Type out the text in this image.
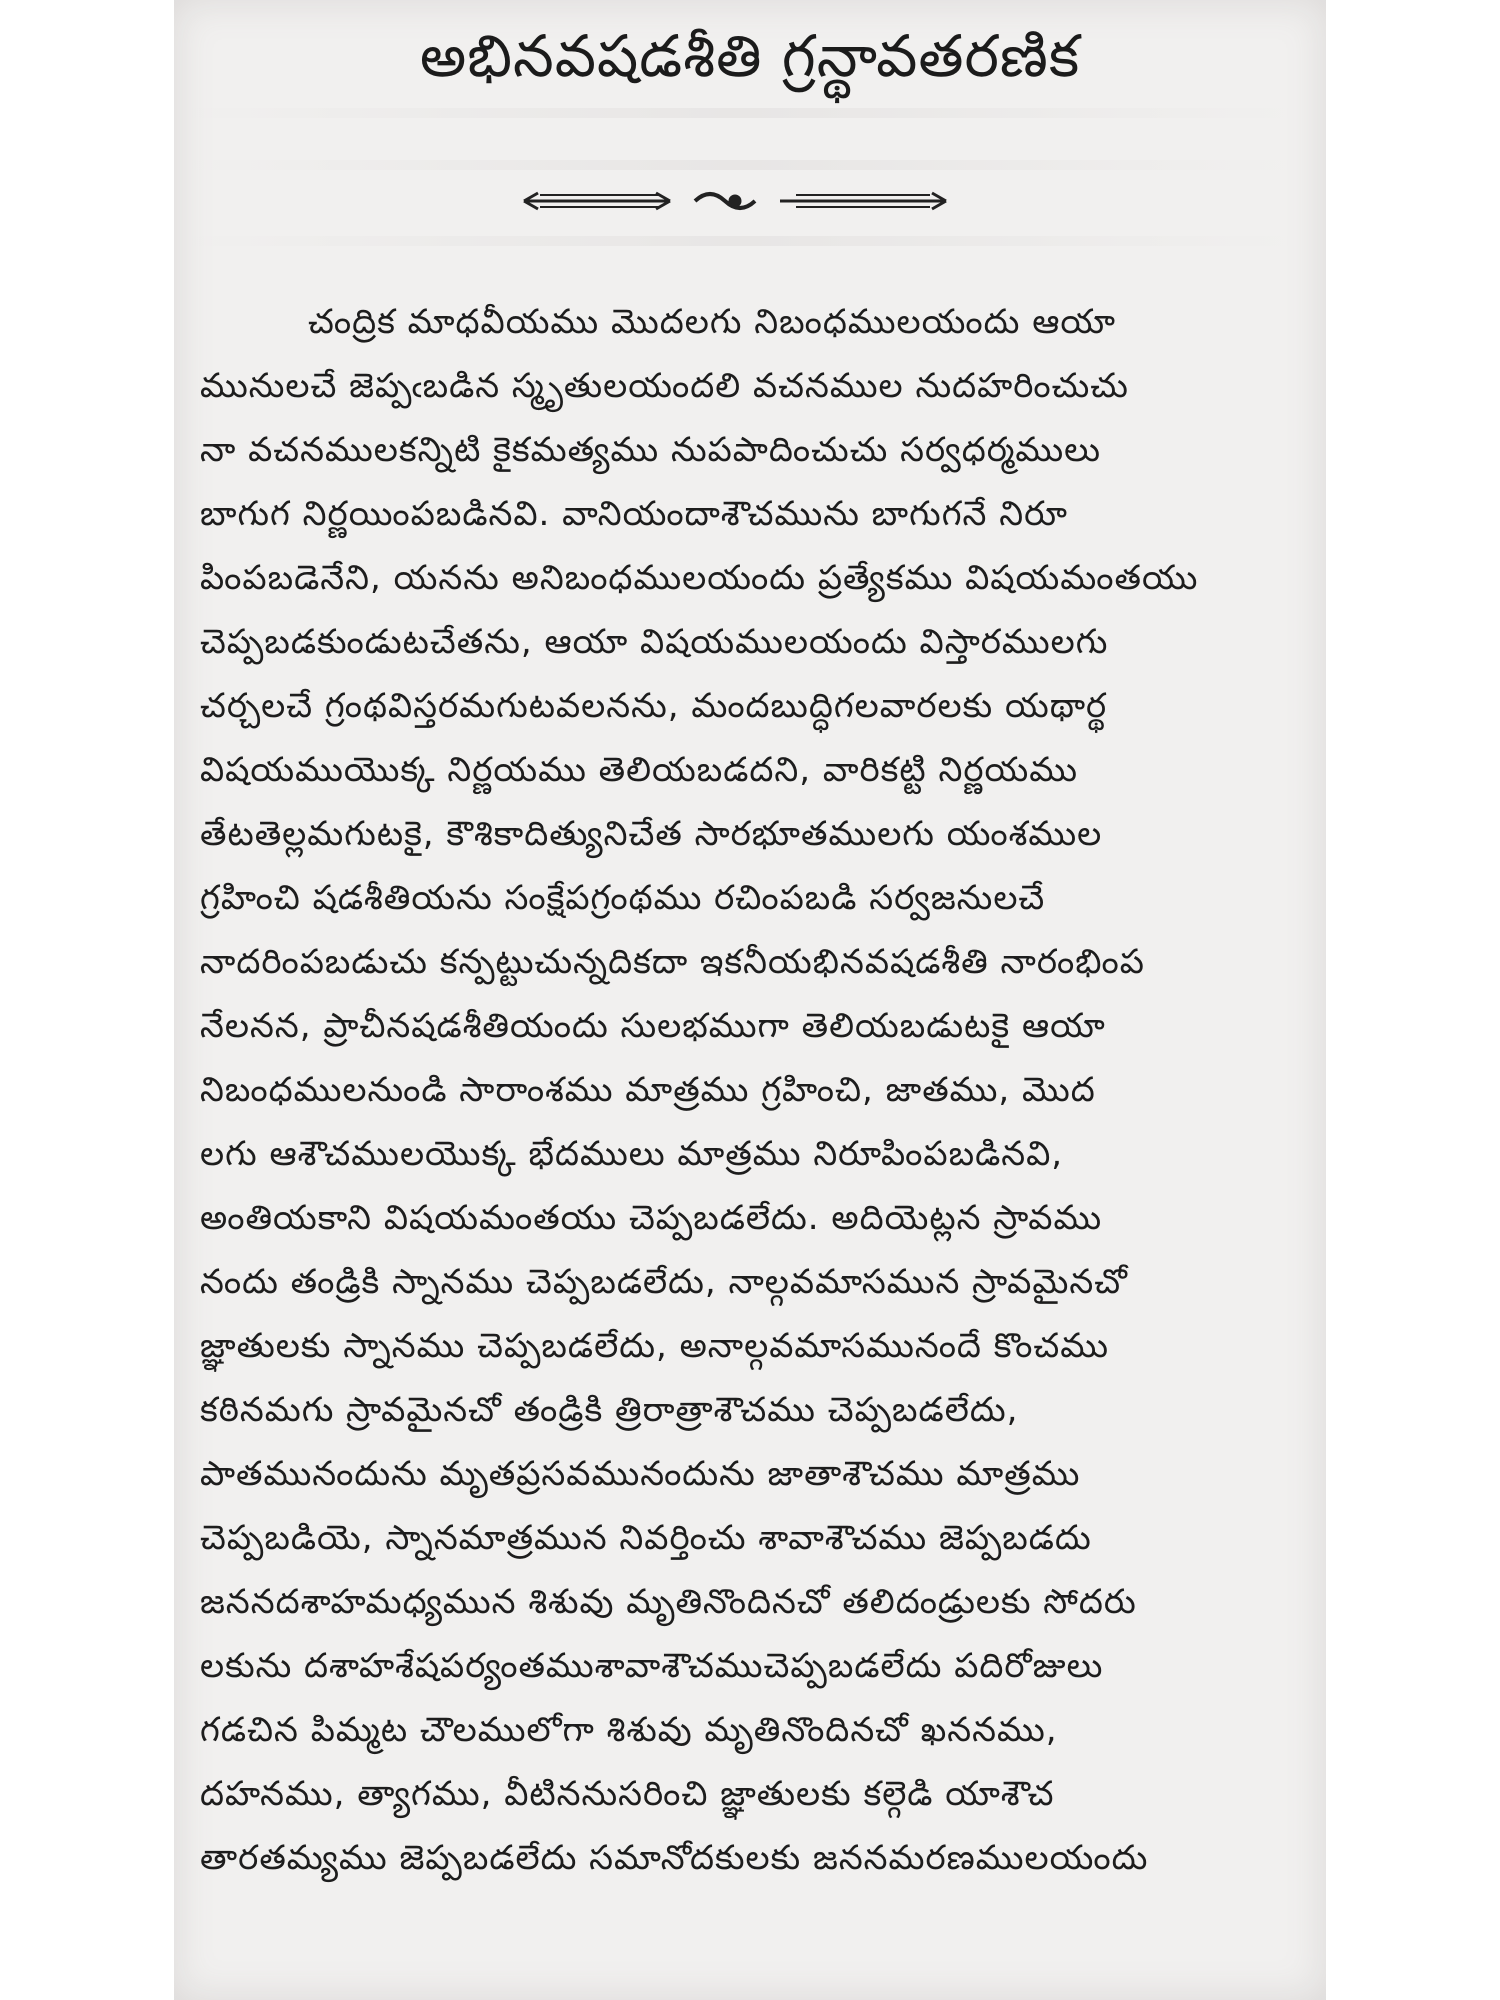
అభినవషడశీతి గ్రన్థావతరణిక
చంద్రిక మాధవీయము మొదలగు నిబంధములయందు ఆయా
మునులచే జెప్పఁబడిన స్మృతులయందలి వచనముల నుదహరించుచు
నా వచనములకన్నిటి కైకమత్యము నుపపాదించుచు సర్వధర్మములు
బాగుగ నిర్ణయింపబడినవి. వానియందాశౌచమును బాగుగనే నిరూ
పింపబడెనేని, యనను అనిబంధములయందు ప్రత్యేకము విషయమంతయు
చెప్పబడకుండుటచేతను, ఆయా విషయములయందు విస్తారములగు
చర్చలచే గ్రంథవిస్తరమగుటవలనను, మందబుద్ధిగలవారలకు యథార్థ
విషయముయొక్క నిర్ణయము తెలియబడదని, వారికట్టి నిర్ణయము
తేటతెల్లమగుటకై, కౌశికాదిత్యునిచేత సారభూతములగు యంశముల
గ్రహించి షడశీతియను సంక్షేపగ్రంథము రచింపబడి సర్వజనులచే
నాదరింపబడుచు కన్పట్టుచున్నదికదా ఇకనీయభినవషడశీతి నారంభింప
నేలనన, ప్రాచీనషడశీతియందు సులభముగా తెలియబడుటకై ఆయా
నిబంధములనుండి సారాంశము మాత్రము గ్రహించి, జాతము, మొద
లగు ఆశౌచములయొక్క భేదములు మాత్రము నిరూపింపబడినవి,
అంతియకాని విషయమంతయు చెప్పబడలేదు. అదియెట్లన స్రావము
నందు తండ్రికి స్నానము చెప్పబడలేదు, నాల్గవమాసమున స్రావమైనచో
జ్ఞాతులకు స్నానము చెప్పబడలేదు, అనాల్గవమాసమునందే కొంచము
కఠినమగు స్రావమైనచో తండ్రికి త్రిరాత్రాశౌచము చెప్పబడలేదు,
పాతమునందును మృతప్రసవమునందును జాతాశౌచము మాత్రము
చెప్పబడియె, స్నానమాత్రమున నివర్తించు శావాశౌచము జెప్పబడదు
జననదశాహమధ్యమున శిశువు మృతినొందినచో తలిదండ్రులకు సోదరు
లకును దశాహశేషపర్యంతముశావాశౌచముచెప్పబడలేదు పదిరోజులు
గడచిన పిమ్మట చౌలములోగా శిశువు మృతినొందినచో ఖననము,
దహనము, త్యాగము, వీటిననుసరించి జ్ఞాతులకు కల్గెడి యాశౌచ
తారతమ్యము జెప్పబడలేదు సమానోదకులకు జననమరణములయందు
